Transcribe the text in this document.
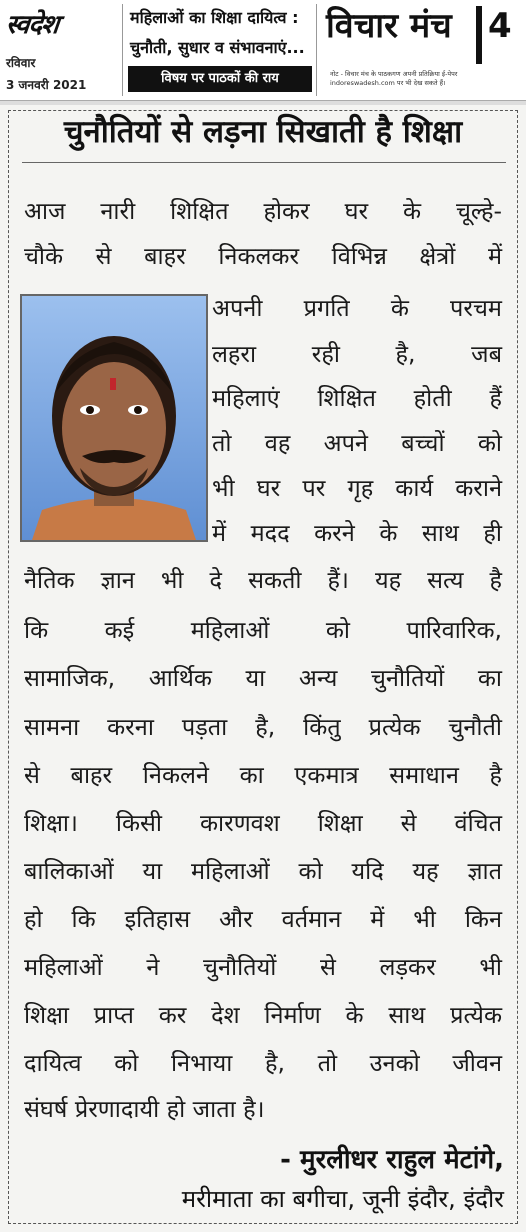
स्वदेश
रविवार
3 जनवरी 2021
महिलाओं का शिक्षा दायित्व :
चुनौती, सुधार व संभावनाएं...
विषय पर पाठकों की राय
विचार मंच 4
नोट - विचार मंच के पाठकगण अपनी प्रतिक्रिया ई-पेपर indoreswadesh.com पर भी देख सकते हैं।
चुनौतियों से लड़ना सिखाती है शिक्षा
आज नारी शिक्षित होकर घर के चूल्हे-
चौके से बाहर निकलकर विभिन्न क्षेत्रों में
अपनी प्रगति के परचम
लहरा रही है, जब
महिलाएं शिक्षित होती हैं
तो वह अपने बच्चों को
भी घर पर गृह कार्य कराने
में मदद करने के साथ ही
नैतिक ज्ञान भी दे सकती हैं। यह सत्य है
कि कई महिलाओं को पारिवारिक,
सामाजिक, आर्थिक या अन्य चुनौतियों का
सामना करना पड़ता है, किंतु प्रत्येक चुनौती
से बाहर निकलने का एकमात्र समाधान है
शिक्षा। किसी कारणवश शिक्षा से वंचित
बालिकाओं या महिलाओं को यदि यह ज्ञात
हो कि इतिहास और वर्तमान में भी किन
महिलाओं ने चुनौतियों से लड़कर भी
शिक्षा प्राप्त कर देश निर्माण के साथ प्रत्येक
दायित्व को निभाया है, तो उनको जीवन
संघर्ष प्रेरणादायी हो जाता है।
- मुरलीधर राहुल मेटांगे,
मरीमाता का बगीचा, जूनी इंदौर, इंदौर
